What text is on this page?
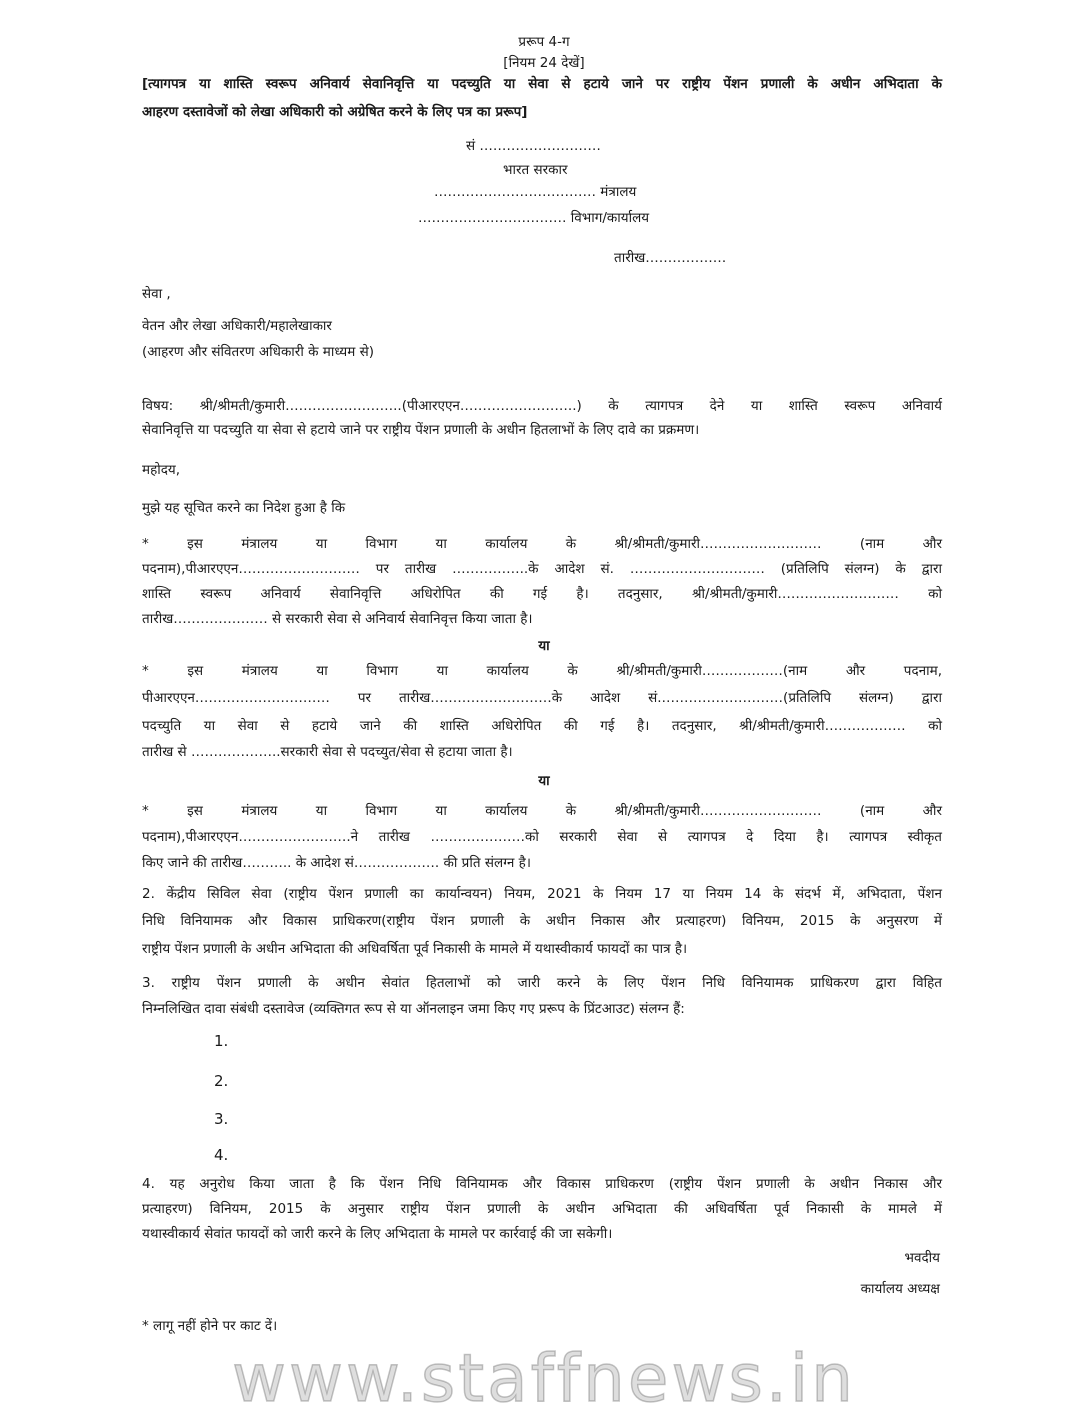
प्ररूप 4-ग
[नियम 24 देखें]
[त्यागपत्र या शास्ति स्वरूप अनिवार्य सेवानिवृत्ति या पदच्युति या सेवा से हटाये जाने पर राष्ट्रीय पेंशन प्रणाली के अधीन अभिदाता के
आहरण दस्तावेजों को लेखा अधिकारी को अग्रेषित करने के लिए पत्र का प्ररूप]
सं ………………………
भारत सरकार
……………………………… मंत्रालय
…………………………… विभाग/कार्यालय
तारीख………………
सेवा ,
वेतन और लेखा अधिकारी/महालेखाकार
(आहरण और संवितरण अधिकारी के माध्यम से)
विषय: श्री/श्रीमती/कुमारी……………………..(पीआरएएन……………………..) के त्यागपत्र देने या शास्ति स्वरूप अनिवार्य
सेवानिवृत्ति या पदच्युति या सेवा से हटाये जाने पर राष्ट्रीय पेंशन प्रणाली के अधीन हितलाभों के लिए दावे का प्रक्रमण।
महोदय,
मुझे यह सूचित करने का निदेश हुआ है कि
* इस मंत्रालय या विभाग या कार्यालय के श्री/श्रीमती/कुमारी……………………… (नाम और
पदनाम),पीआरएएन……………………… पर तारीख ……………..के आदेश सं. ………………………… (प्रतिलिपि संलग्न) के द्वारा
शास्ति स्वरूप अनिवार्य सेवानिवृत्ति अधिरोपित की गई है। तदनुसार, श्री/श्रीमती/कुमारी……………………… को
तारीख………………… से सरकारी सेवा से अनिवार्य सेवानिवृत्त किया जाता है।
या
* इस मंत्रालय या विभाग या कार्यालय के श्री/श्रीमती/कुमारी………………(नाम और पदनाम,
पीआरएएन………………………… पर तारीख………………………के आदेश सं.………………………(प्रतिलिपि संलग्न) द्वारा
पदच्युति या सेवा से हटाये जाने की शास्ति अधिरोपित की गई है। तदनुसार, श्री/श्रीमती/कुमारी……………… को
तारीख से ………………..सरकारी सेवा से पदच्युत/सेवा से हटाया जाता है।
या
* इस मंत्रालय या विभाग या कार्यालय के श्री/श्रीमती/कुमारी……………………… (नाम और
पदनाम),पीआरएएन…………………….ने तारीख …………………को सरकारी सेवा से त्यागपत्र दे दिया है। त्यागपत्र स्वीकृत
किए जाने की तारीख……….. के आदेश सं………………. की प्रति संलग्न है।
2. केंद्रीय सिविल सेवा (राष्ट्रीय पेंशन प्रणाली का कार्यान्वयन) नियम, 2021 के नियम 17 या नियम 14 के संदर्भ में, अभिदाता, पेंशन
निधि विनियामक और विकास प्राधिकरण(राष्ट्रीय पेंशन प्रणाली के अधीन निकास और प्रत्याहरण) विनियम, 2015 के अनुसरण में
राष्ट्रीय पेंशन प्रणाली के अधीन अभिदाता की अधिवर्षिता पूर्व निकासी के मामले में यथास्वीकार्य फायदों का पात्र है।
3. राष्ट्रीय पेंशन प्रणाली के अधीन सेवांत हितलाभों को जारी करने के लिए पेंशन निधि विनियामक प्राधिकरण द्वारा विहित
निम्नलिखित दावा संबंधी दस्तावेज (व्यक्तिगत रूप से या ऑनलाइन जमा किए गए प्ररूप के प्रिंटआउट) संलग्न हैं:
1.
2.
3.
4.
4. यह अनुरोध किया जाता है कि पेंशन निधि विनियामक और विकास प्राधिकरण (राष्ट्रीय पेंशन प्रणाली के अधीन निकास और
प्रत्याहरण) विनियम, 2015 के अनुसार राष्ट्रीय पेंशन प्रणाली के अधीन अभिदाता की अधिवर्षिता पूर्व निकासी के मामले में
यथास्वीकार्य सेवांत फायदों को जारी करने के लिए अभिदाता के मामले पर कार्रवाई की जा सकेगी।
भवदीय
कार्यालय अध्यक्ष
* लागू नहीं होने पर काट दें।
www.staffnews.in
